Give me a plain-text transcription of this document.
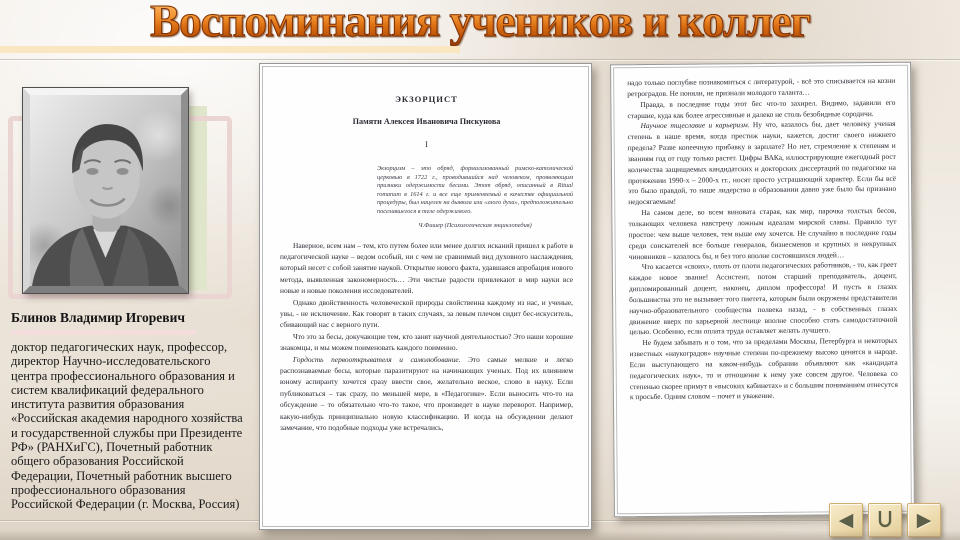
Воспоминания учеников и коллег
Блинов Владимир Игоревич
доктор педагогических наук, профессор, директор Научно-исследовательского центра профессионального образования и систем квалификаций федерального института развития образования «Российская академия народного хозяйства и государственной службы при Президенте РФ» (РАНХиГС), Почетный работник общего образования Российской Федерации, Почетный работник высшего профессионального образования Российской Федерации (г. Москва, Россия)
ЭКЗОРЦИСТ
Памяти Алексея Ивановича Пискунова
I
Экзорцизм – это обряд, формализованный римско-католической церковью в 1722 г., проводившийся над человеком, проявляющим признаки одержимости бесами. Этот обряд, описанный в Ritual romanum в 1614 г. и все еще применяемый в качестве официальной процедуры, был нацелен на дьявола или «злого духа», предположительно поселившегося в теле одержимого.
Ч.Фишер (Психологическая энциклопедия)

Наверное, всем нам – тем, кто путем более или менее долгих исканий пришел к работе в педагогической науке – ведом особый, ни с чем не сравнимый вид духовного наслаждения, который несет с собой занятие наукой. Открытие нового факта, удавшаяся апробация нового метода, выявленная закономерность… Эти чистые радости привлекают в мир науки все новые и новые поколения исследователей.

Однако двойственность человеческой природы свойственна каждому из нас, и ученые, увы, - не исключение. Как говорят в таких случаях, за левым плечом сидит бес-искуситель, сбивающий нас с верного пути.

Что это за бесы, докучающие тем, кто занят научной деятельностью? Это наши хорошие знакомцы, и мы можем поименовать каждого поименно.

Гордость первооткрывателя и самолюбование. Это самые мелкие и легко распознаваемые бесы, которые паразитируют на начинающих ученых. Под их влиянием юному аспиранту хочется сразу ввести свое, желательно веское, слово в науку. Если публиковаться – так сразу, по меньшей мере, в «Педагогике». Если выносить что-то на обсуждение – то обязательно что-то такое, что произведет в науке переворот. Например, какую-нибудь принципиально новую классификацию. И когда на обсуждении делают замечание, что подобные подходы уже встречались,

надо только поглубже познакомиться с литературой, - всё это списывается на козни ретроградов. Не поняли, не признали молодого таланта…

Правда, в последние годы этот бес что-то захирел. Видимо, задавили его старшие, куда как более агрессивные и далеко не столь безобидные сородичи.

Научное тщеславие и карьеризм. Ну что, казалось бы, дает человеку ученая степень в наше время, когда престиж науки, кажется, достиг своего нижнего предела? Разве копеечную прибавку в зарплате? Но нет, стремление к степеням и званиям год от году только растет. Цифры ВАКа, иллюстрирующие ежегодный рост количества защищаемых кандидатских и докторских диссертаций по педагогике на протяжении 1990-х – 2000-х гг., носят просто устрашающий характер. Если бы всё это было правдой, то наше лидерство в образовании давно уже было бы признано недосягаемым!

На самом деле, во всем виновата старая, как мир, парочка толстых бесов, толкающих человека навстречу ложным идеалам мирской славы. Правило тут простое: чем выше человек, тем выше ему хочется. Не случайно в последние годы среди соискателей все больше генералов, бизнесменов и крупных и некрупных чиновников – казалось бы, и без того вполне состоявшихся людей…

Что касается «своих», плоть от плоти педагогических работников, - то, как греет каждое новое звание! Ассистент, потом старший преподаватель, доцент, дипломированный доцент, наконец, диплом профессора! И пусть в глазах большинства это не вызывает того пиетета, которым были окружены представители научно-образовательного сообщества полвека назад, - в собственных глазах движение вверх по карьерной лестнице вполне способно стать самодостаточной целью. Особенно, если оплата труда оставляет желать лучшего.

Не будем забывать и о том, что за пределами Москвы, Петербурга и некоторых известных «наукоградов» научные степени по-прежнему высоко ценятся в народе. Если выступающего на каком-нибудь собрании объявляют как «кандидата педагогических наук», то и отношение к нему уже совсем другое. Человека со степенью скорее примут в «высоких кабинетах» и с большим пониманием отнесутся к просьбе. Одним словом – почет и уважение.

◀	▶
